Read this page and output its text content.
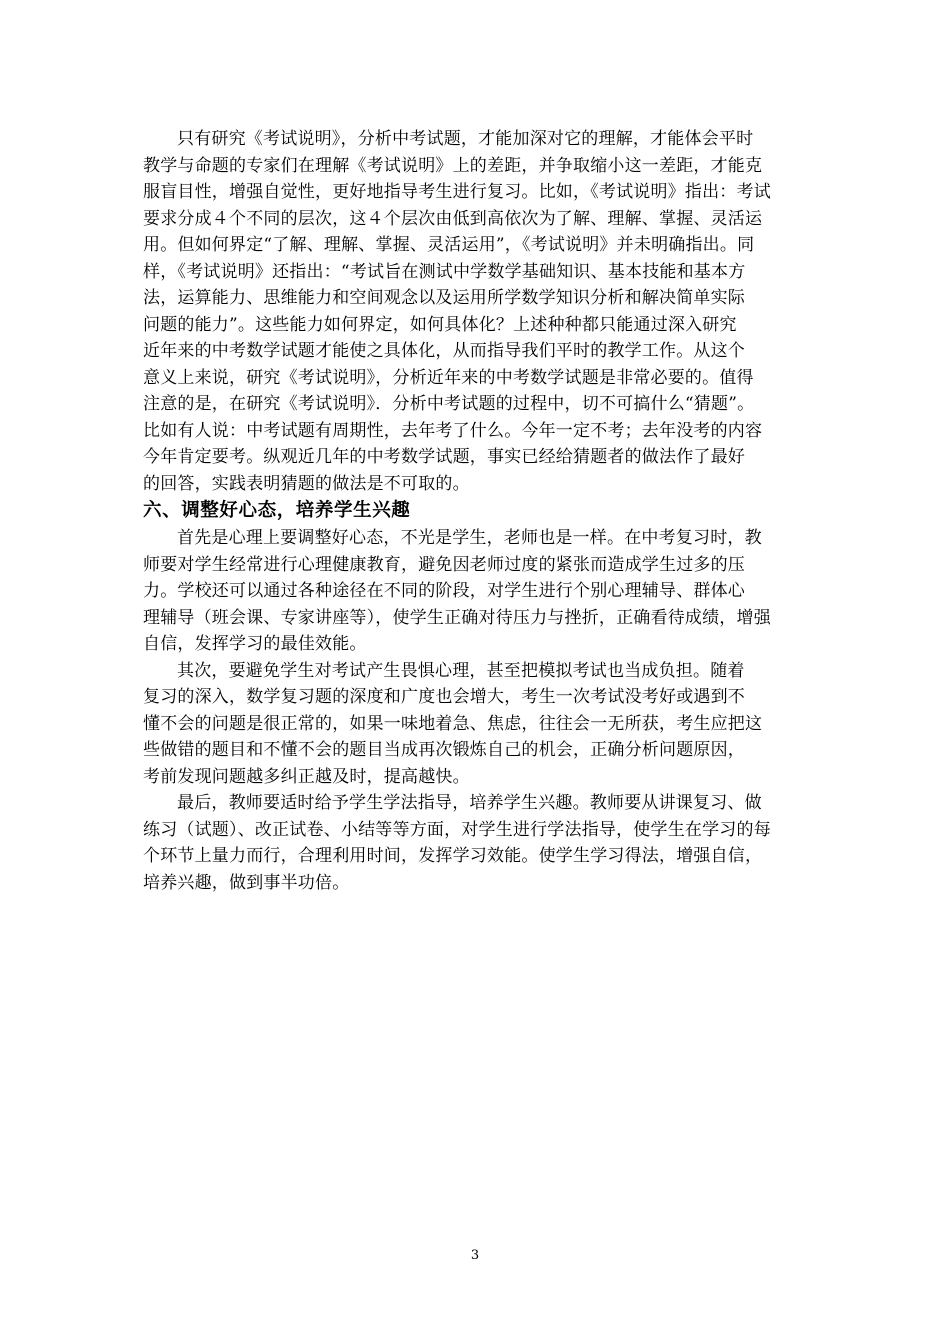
只有研究《考试说明》，分析中考试题，才能加深对它的理解，才能体会平时
教学与命题的专家们在理解《考试说明》上的差距，并争取缩小这一差距，才能克
服盲目性，增强自觉性，更好地指导考生进行复习。比如，《考试说明》指出：考试
要求分成４个不同的层次，这４个层次由低到高依次为了解、理解、掌握、灵活运
用。但如何界定“了解、理解、掌握、灵活运用”，《考试说明》并未明确指出。同
样，《考试说明》还指出：“考试旨在测试中学数学基础知识、基本技能和基本方
法，运算能力、思维能力和空间观念以及运用所学数学知识分析和解决简单实际
问题的能力”。这些能力如何界定，如何具体化？上述种种都只能通过深入研究
近年来的中考数学试题才能使之具体化，从而指导我们平时的教学工作。从这个
意义上来说，研究《考试说明》，分析近年来的中考数学试题是非常必要的。值得
注意的是，在研究《考试说明》．分析中考试题的过程中，切不可搞什么“猜题”。
比如有人说：中考试题有周期性，去年考了什么。今年一定不考；去年没考的内容
今年肯定要考。纵观近几年的中考数学试题，事实已经给猜题者的做法作了最好
的回答，实践表明猜题的做法是不可取的。

六、调整好心态，培养学生兴趣

首先是心理上要调整好心态，不光是学生，老师也是一样。在中考复习时，教
师要对学生经常进行心理健康教育，避免因老师过度的紧张而造成学生过多的压
力。学校还可以通过各种途径在不同的阶段，对学生进行个别心理辅导、群体心
理辅导（班会课、专家讲座等），使学生正确对待压力与挫折，正确看待成绩，增强
自信，发挥学习的最佳效能。

其次，要避免学生对考试产生畏惧心理，甚至把模拟考试也当成负担。随着
复习的深入，数学复习题的深度和广度也会增大，考生一次考试没考好或遇到不
懂不会的问题是很正常的，如果一味地着急、焦虑，往往会一无所获，考生应把这
些做错的题目和不懂不会的题目当成再次锻炼自己的机会，正确分析问题原因，
考前发现问题越多纠正越及时，提高越快。

最后，教师要适时给予学生学法指导，培养学生兴趣。教师要从讲课复习、做
练习（试题）、改正试卷、小结等等方面，对学生进行学法指导，使学生在学习的每
个环节上量力而行，合理利用时间，发挥学习效能。使学生学习得法，增强自信，
培养兴趣，做到事半功倍。

3
